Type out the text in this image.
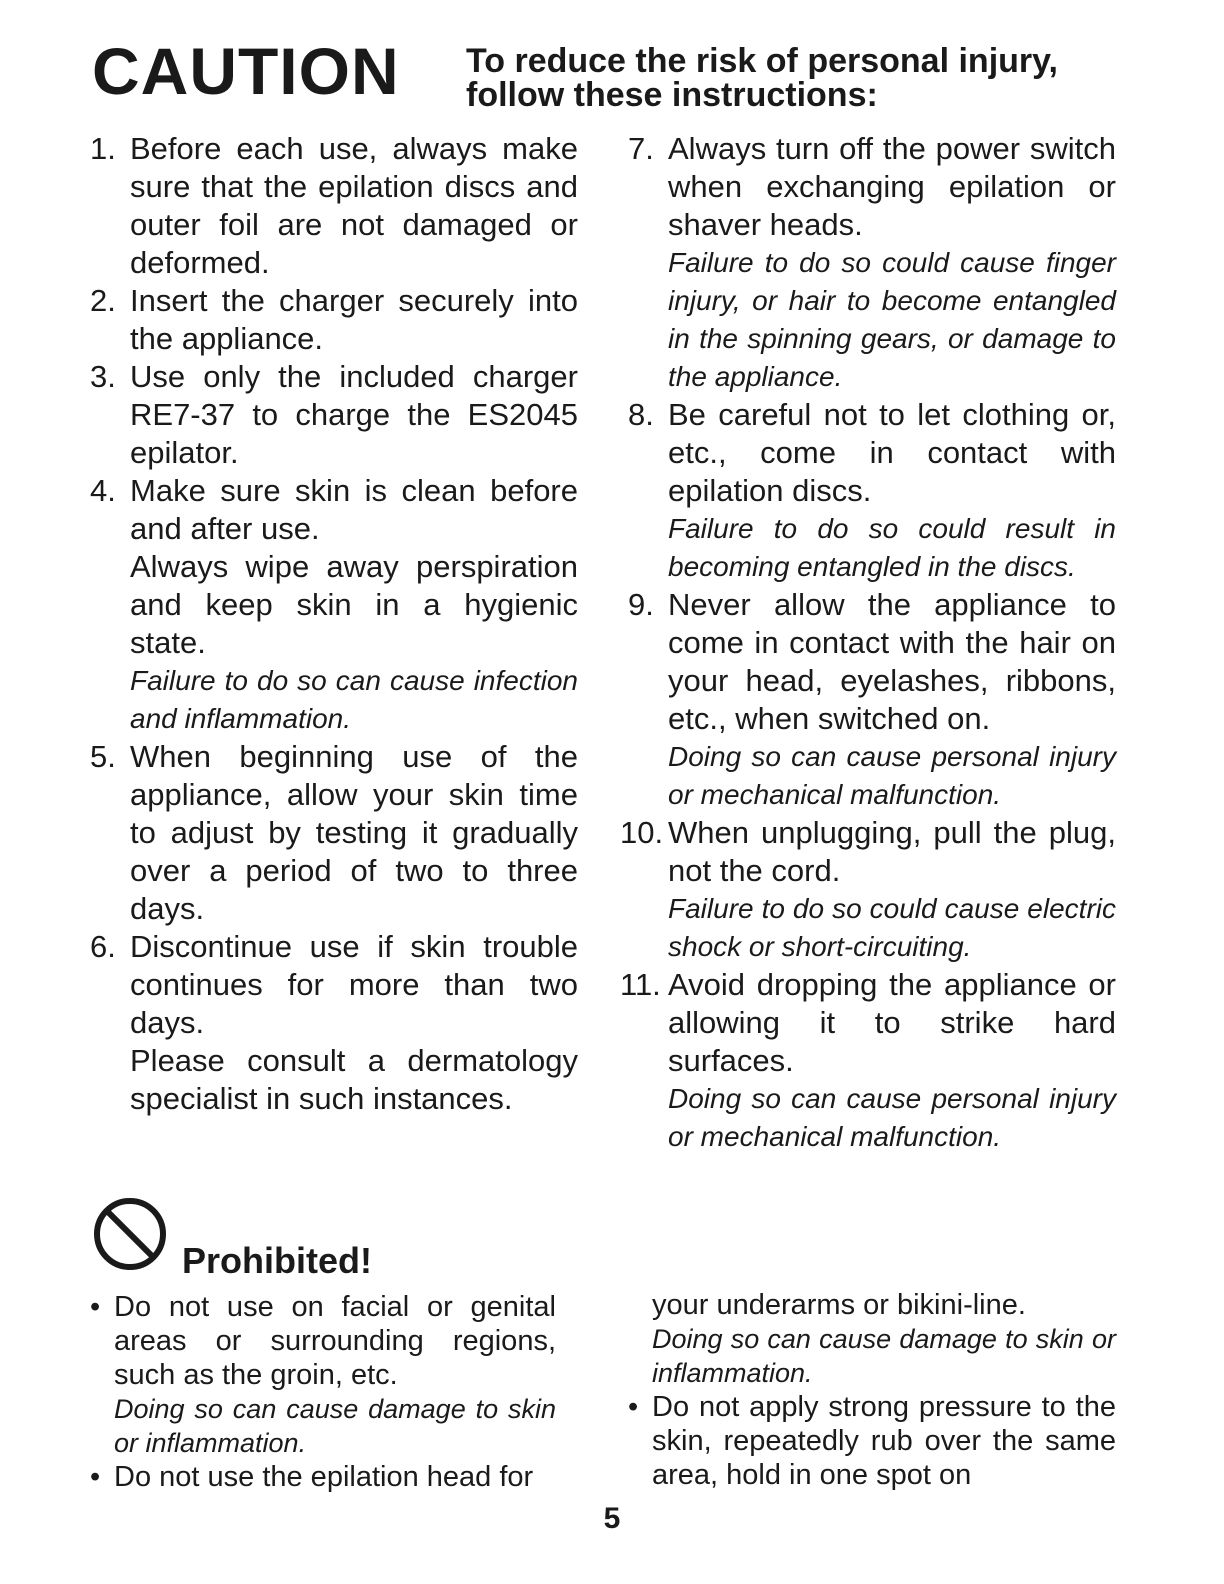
CAUTION To reduce the risk of personal injury, follow these instructions:
1. Before each use, always make sure that the epilation discs and outer foil are not damaged or deformed.

2. Insert the charger securely into the appliance.

3. Use only the included charger RE7-37 to charge the ES2045 epilator.

4. Make sure skin is clean before and after use.

Always wipe away perspiration and keep skin in a hygienic state.

Failure to do so can cause infection and inflammation.

5. When beginning use of the appliance, allow your skin time to adjust by testing it gradually over a period of two to three days.

6. Discontinue use if skin trouble continues for more than two days.

Please consult a dermatology specialist in such instances.

7. Always turn off the power switch when exchanging epilation or shaver heads.

Failure to do so could cause finger injury, or hair to become entangled in the spinning gears, or damage to the appliance.

8. Be careful not to let clothing or, etc., come in contact with epilation discs.

Failure to do so could result in becoming entangled in the discs.

9. Never allow the appliance to come in contact with the hair on your head, eyelashes, ribbons, etc., when switched on.

Doing so can cause personal injury or mechanical malfunction.

10. When unplugging, pull the plug, not the cord.

Failure to do so could cause electric shock or short-circuiting.

11. Avoid dropping the appliance or allowing it to strike hard surfaces.

Doing so can cause personal injury or mechanical malfunction.

Prohibited!
• Do not use on facial or genital areas or surrounding regions, such as the groin, etc.

Doing so can cause damage to skin or inflammation.

• Do not use the epilation head for

your underarms or bikini-line.

Doing so can cause damage to skin or inflammation.

• Do not apply strong pressure to the skin, repeatedly rub over the same area, hold in one spot on

5
